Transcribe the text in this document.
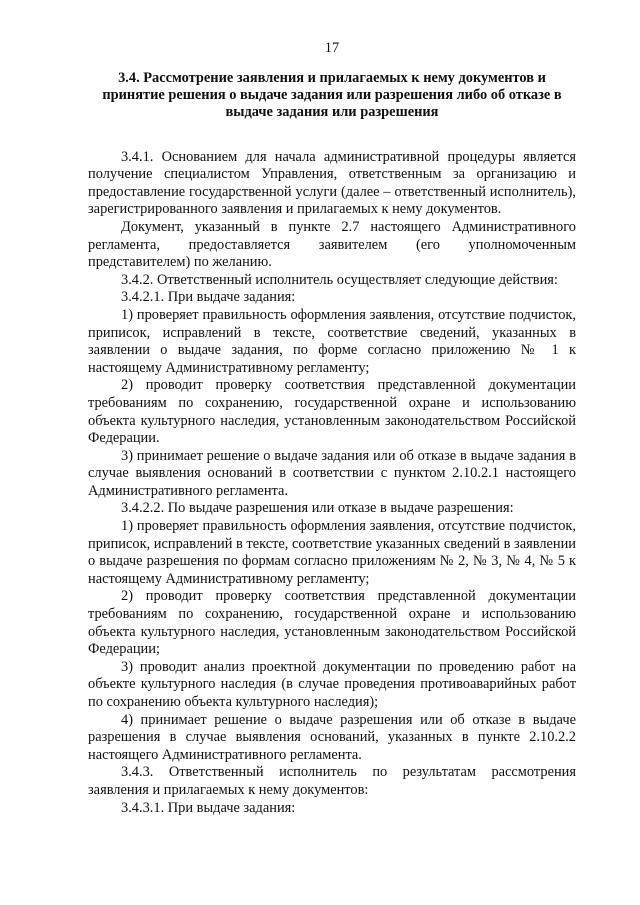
17
3.4. Рассмотрение заявления и прилагаемых к нему документов и принятие решения о выдаче задания или разрешения либо об отказе в выдаче задания или разрешения

3.4.1. Основанием для начала административной процедуры является получение специалистом Управления, ответственным за организацию и предоставление государственной услуги (далее – ответственный исполнитель), зарегистрированного заявления и прилагаемых к нему документов.

Документ, указанный в пункте 2.7 настоящего Административного регламента, предоставляется заявителем (его уполномоченным представителем) по желанию.

3.4.2. Ответственный исполнитель осуществляет следующие действия:

3.4.2.1. При выдаче задания:

1) проверяет правильность оформления заявления, отсутствие подчисток, приписок, исправлений в тексте, соответствие сведений, указанных в заявлении о выдаче задания, по форме согласно приложению № 1 к настоящему Административному регламенту;

2) проводит проверку соответствия представленной документации требованиям по сохранению, государственной охране и использованию объекта культурного наследия, установленным законодательством Российской Федерации.

3) принимает решение о выдаче задания или об отказе в выдаче задания в случае выявления оснований в соответствии с пунктом 2.10.2.1 настоящего Административного регламента.

3.4.2.2. По выдаче разрешения или отказе в выдаче разрешения:

1) проверяет правильность оформления заявления, отсутствие подчисток, приписок, исправлений в тексте, соответствие указанных сведений в заявлении о выдаче разрешения по формам согласно приложениям № 2, № 3, № 4, № 5 к настоящему Административному регламенту;

2) проводит проверку соответствия представленной документации требованиям по сохранению, государственной охране и использованию объекта культурного наследия, установленным законодательством Российской Федерации;

3) проводит анализ проектной документации по проведению работ на объекте культурного наследия (в случае проведения противоаварийных работ по сохранению объекта культурного наследия);

4) принимает решение о выдаче разрешения или об отказе в выдаче разрешения в случае выявления оснований, указанных в пункте 2.10.2.2 настоящего Административного регламента.

3.4.3. Ответственный исполнитель по результатам рассмотрения заявления и прилагаемых к нему документов:

3.4.3.1. При выдаче задания:
